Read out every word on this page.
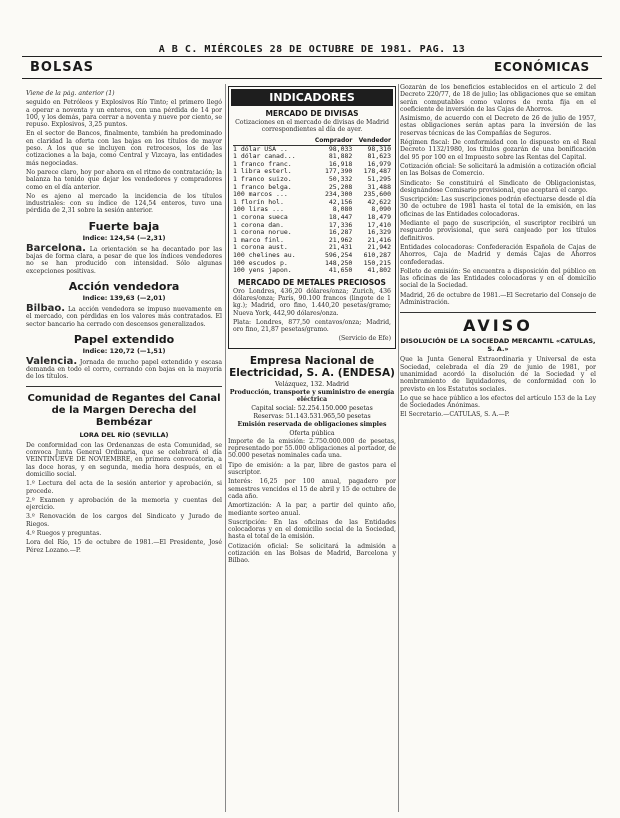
A B C. MIÉRCOLES 28 DE OCTUBRE DE 1981. PAG. 13
BOLSAS	ECONÓMICAS

Viene de la pág. anterior (1)

seguido en Petróleos y Explosivos Río Tinto; el primero llegó a operar a noventa y un enteros, con una pérdida de 14 por 100, y los demás, para cerrar a noventa y nueve por ciento, se repuso. Explosivos, 3,25 puntos.

En el sector de Bancos, finalmente, también ha predominado en claridad la oferta con las bajas en los títulos de mayor peso. A los que se incluyen con retrocesos, los de las cotizaciones a la baja, como Central y Vizcaya, las entidades más negociadas.

No parece claro, hoy por ahora en el ritmo de contratación; la balanza ha tenido que dejar los vendedores y compradores como en el día anterior.

No es ajeno al mercado la incidencia de los títulos industriales: con su índice de 124,54 enteros, tuvo una pérdida de 2,31 sobre la sesión anterior.

Fuerte baja
Indice: 124,54 (—2,31)

Barcelona. La orientación se ha decantado por las bajas de forma clara, a pesar de que los índices vendedores no se han producido con intensidad. Sólo algunas excepciones positivas.

Acción vendedora
Indice: 139,63 (—2,01)

Bilbao. La acción vendedora se impuso nuevamente en el mercado, con pérdidas en los valores más contratados. El sector bancario ha cerrado con descensos generalizados.

Papel extendido
Indice: 120,72 (—1,51)

Valencia. Jornada de mucho papel extendido y escasa demanda en todo el corro, cerrando con bajas en la mayoría de los títulos.

Comunidad de Regantes del Canal de la Margen Derecha del Bembézar
LORA DEL RÍO (SEVILLA)

De conformidad con las Ordenanzas de esta Comunidad, se convoca Junta General Ordinaria, que se celebrará el día VEINTINUEVE DE NOVIEMBRE, en primera convocatoria, a las doce horas, y en segunda, media hora después, en el domicilio social.

1.º Lectura del acta de la sesión anterior y aprobación, si procede.

2.º Examen y aprobación de la memoria y cuentas del ejercicio.

3.º Renovación de los cargos del Sindicato y Jurado de Riegos.

4.º Ruegos y preguntas.

Lora del Río, 15 de octubre de 1981.—El Presidente, José Pérez Lozano.—P.

INDICADORES
MERCADO DE DIVISAS

Cotizaciones en el mercado de divisas de Madrid correspondientes al día de ayer.

	Comprador	Vendedor
1 dólar USA ..	98,033	98,310
1 dólar canad...	81,882	81,623
1 franco franc.	16,918	16,979
1 libra esterl.	177,390	178,487
1 franco suizo.	50,332	51,295
1 franco belga.	25,208	31,488
100 marcos ...	234,300	235,600
1 florín hol.	42,156	42,622
100 liras ...	8,080	8,090
1 corona sueca	18,447	18,479
1 corona dan.	17,336	17,410
1 corona norue.	16,287	16,329
1 marco finl.	21,962	21,416
1 corona aust.	21,431	21,942
100 chelines au.	596,254	610,287
100 escudos p.	148,250	150,215
100 yens japon.	41,650	41,802
MERCADO DE METALES PRECIOSOS

Oro Londres, 436,20 dólares/onza; Zurich, 436 dólares/onza; París, 90.100 francos (lingote de 1 kg.); Madrid, oro fino, 1.440,20 pesetas/gramo; Nueva York, 442,90 dólares/onza.

Plata: Londres, 877,50 centavos/onza; Madrid, oro fino, 21,87 pesetas/gramo.

(Servicio de Efe)

Empresa Nacional de Electricidad, S. A. (ENDESA)

Velázquez, 132. Madrid

Producción, transporte y suministro de energía eléctrica

Capital social: 52.254.150.000 pesetas

Reservas: 51.143.531.965,50 pesetas

Emisión reservada de obligaciones simples

Oferta pública

Importe de la emisión: 2.750.000.000 de pesetas, representado por 55.000 obligaciones al portador, de 50.000 pesetas nominales cada una.

Tipo de emisión: a la par, libre de gastos para el suscriptor.

Interés: 16,25 por 100 anual, pagadero por semestres vencidos el 15 de abril y 15 de octubre de cada año.

Amortización: A la par, a partir del quinto año, mediante sorteo anual.

Suscripción: En las oficinas de las Entidades colocadoras y en el domicilio social de la Sociedad, hasta el total de la emisión.

Cotización oficial: Se solicitará la admisión a cotización en las Bolsas de Madrid, Barcelona y Bilbao.

Gozarán de los beneficios establecidos en el artículo 2 del Decreto 220/77, de 18 de julio; las obligaciones que se emitan serán computables como valores de renta fija en el coeficiente de inversión de las Cajas de Ahorros.

Asimismo, de acuerdo con el Decreto de 26 de julio de 1957, estas obligaciones serán aptas para la inversión de las reservas técnicas de las Compañías de Seguros.

Régimen fiscal: De conformidad con lo dispuesto en el Real Decreto 1132/1980, los títulos gozarán de una bonificación del 95 por 100 en el Impuesto sobre las Rentas del Capital.

Cotización oficial: Se solicitará la admisión a cotización oficial en las Bolsas de Comercio.

Sindicato: Se constituirá el Sindicato de Obligacionistas, designándose Comisario provisional, que aceptará el cargo.

Suscripción: Las suscripciones podrán efectuarse desde el día 30 de octubre de 1981 hasta el total de la emisión, en las oficinas de las Entidades colocadoras.

Mediante el pago de suscripción, el suscriptor recibirá un resguardo provisional, que será canjeado por los títulos definitivos.

Entidades colocadoras: Confederación Española de Cajas de Ahorros, Caja de Madrid y demás Cajas de Ahorros confederadas.

Folleto de emisión: Se encuentra a disposición del público en las oficinas de las Entidades colocadoras y en el domicilio social de la Sociedad.

Madrid, 26 de octubre de 1981.—El Secretario del Consejo de Administración.

AVISO
DISOLUCIÓN DE LA SOCIEDAD MERCANTIL «CATULAS, S. A.»

Que la Junta General Extraordinaria y Universal de esta Sociedad, celebrada el día 29 de junio de 1981, por unanimidad acordó la disolución de la Sociedad y el nombramiento de liquidadores, de conformidad con lo previsto en los Estatutos sociales.

Lo que se hace público a los efectos del artículo 153 de la Ley de Sociedades Anónimas.

El Secretario.—CATULAS, S. A.—P.
